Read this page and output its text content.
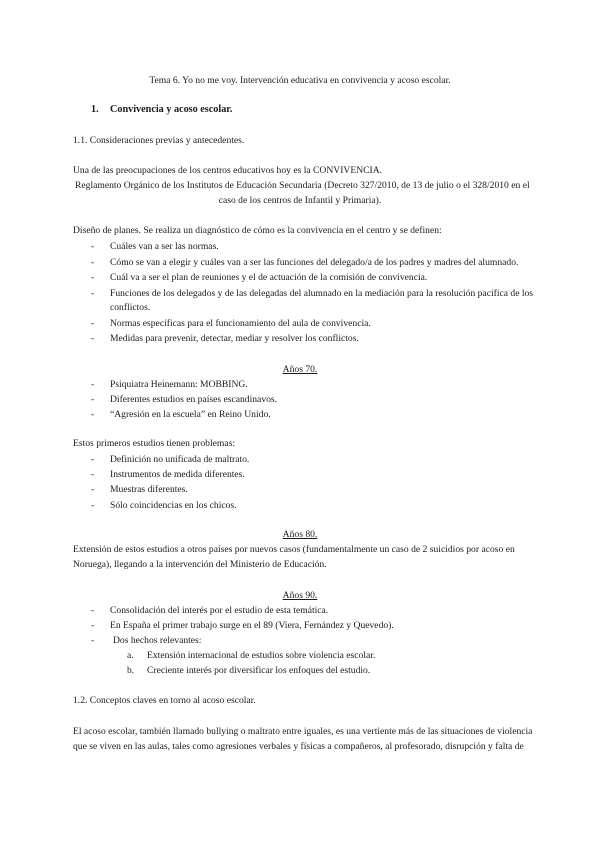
Tema 6. Yo no me voy. Intervención educativa en convivencia y acoso escolar.
1.	Convivencia y acoso escolar.
1.1. Consideraciones previas y antecedentes.
Una de las preocupaciones de los centros educativos hoy es la CONVIVENCIA.
Reglamento Orgánico de los Institutos de Educación Secundaria (Decreto 327/2010, de 13 de julio o el 328/2010 en el
caso de los centros de Infantil y Primaria).
Diseño de planes. Se realiza un diagnóstico de cómo es la convivencia en el centro y se definen:
- Cuáles van a ser las normas.
- Cómo se van a elegir y cuáles van a ser las funciones del delegado/a de los padres y madres del alumnado.
- Cuál va a ser el plan de reuniones y el de actuación de la comisión de convivencia.
- Funciones de los delegados y de las delegadas del alumnado en la mediación para la resolución pacífica de los
conflictos.
- Normas específicas para el funcionamiento del aula de convivencia.
- Medidas para prevenir, detectar, mediar y resolver los conflictos.
Años 70.
- Psiquiatra Heinemann: MOBBING.
- Diferentes estudios en países escandinavos.
- “Agresión en la escuela” en Reino Unido.
Estos primeros estudios tienen problemas:
- Definición no unificada de maltrato.
- Instrumentos de medida diferentes.
- Muestras diferentes.
- Sólo coincidencias en los chicos.
Años 80.
Extensión de estos estudios a otros países por nuevos casos (fundamentalmente un caso de 2 suicidios por acoso en
Noruega), llegando a la intervención del Ministerio de Educación.
Años 90.
- Consolidación del interés por el estudio de esta temática.
- En España el primer trabajo surge en el 89 (Viera, Fernández y Quevedo).
- Dos hechos relevantes:
a. Extensión internacional de estudios sobre violencia escolar.
b. Creciente interés por diversificar los enfoques del estudio.
1.2. Conceptos claves en torno al acoso escolar.
El acoso escolar, también llamado bullying o maltrato entre iguales, es una vertiente más de las situaciones de violencia
que se viven en las aulas, tales como agresiones verbales y físicas a compañeros, al profesorado, disrupción y falta de
